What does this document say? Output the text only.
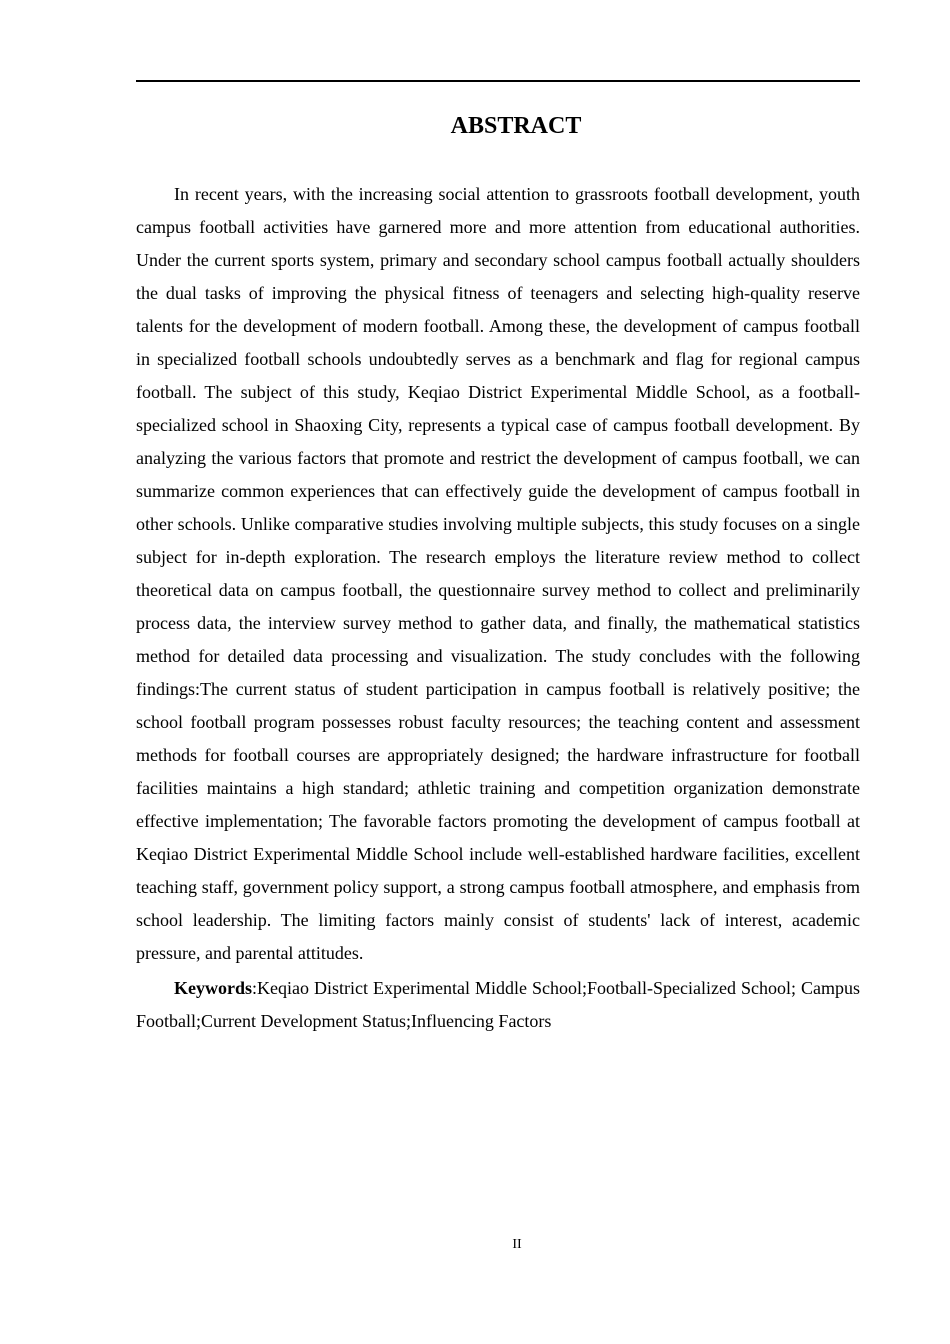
ABSTRACT

In recent years, with the increasing social attention to grassroots football development, youth campus football activities have garnered more and more attention from educational authorities. Under the current sports system, primary and secondary school campus football actually shoulders the dual tasks of improving the physical fitness of teenagers and selecting high-quality reserve talents for the development of modern football. Among these, the development of campus football in specialized football schools undoubtedly serves as a benchmark and flag for regional campus football. The subject of this study, Keqiao District Experimental Middle School, as a football-specialized school in Shaoxing City, represents a typical case of campus football development. By analyzing the various factors that promote and restrict the development of campus football, we can summarize common experiences that can effectively guide the development of campus football in other schools. Unlike comparative studies involving multiple subjects, this study focuses on a single subject for in-depth exploration. The research employs the literature review method to collect theoretical data on campus football, the questionnaire survey method to collect and preliminarily process data, the interview survey method to gather data, and finally, the mathematical statistics method for detailed data processing and visualization. The study concludes with the following findings:The current status of student participation in campus football is relatively positive; the school football program possesses robust faculty resources; the teaching content and assessment methods for football courses are appropriately designed; the hardware infrastructure for football facilities maintains a high standard; athletic training and competition organization demonstrate effective implementation; The favorable factors promoting the development of campus football at Keqiao District Experimental Middle School include well-established hardware facilities, excellent teaching staff, government policy support, a strong campus football atmosphere, and emphasis from school leadership. The limiting factors mainly consist of students' lack of interest, academic pressure, and parental attitudes.

Keywords:Keqiao District Experimental Middle School;Football-Specialized School; Campus Football;Current Development Status;Influencing Factors

II
